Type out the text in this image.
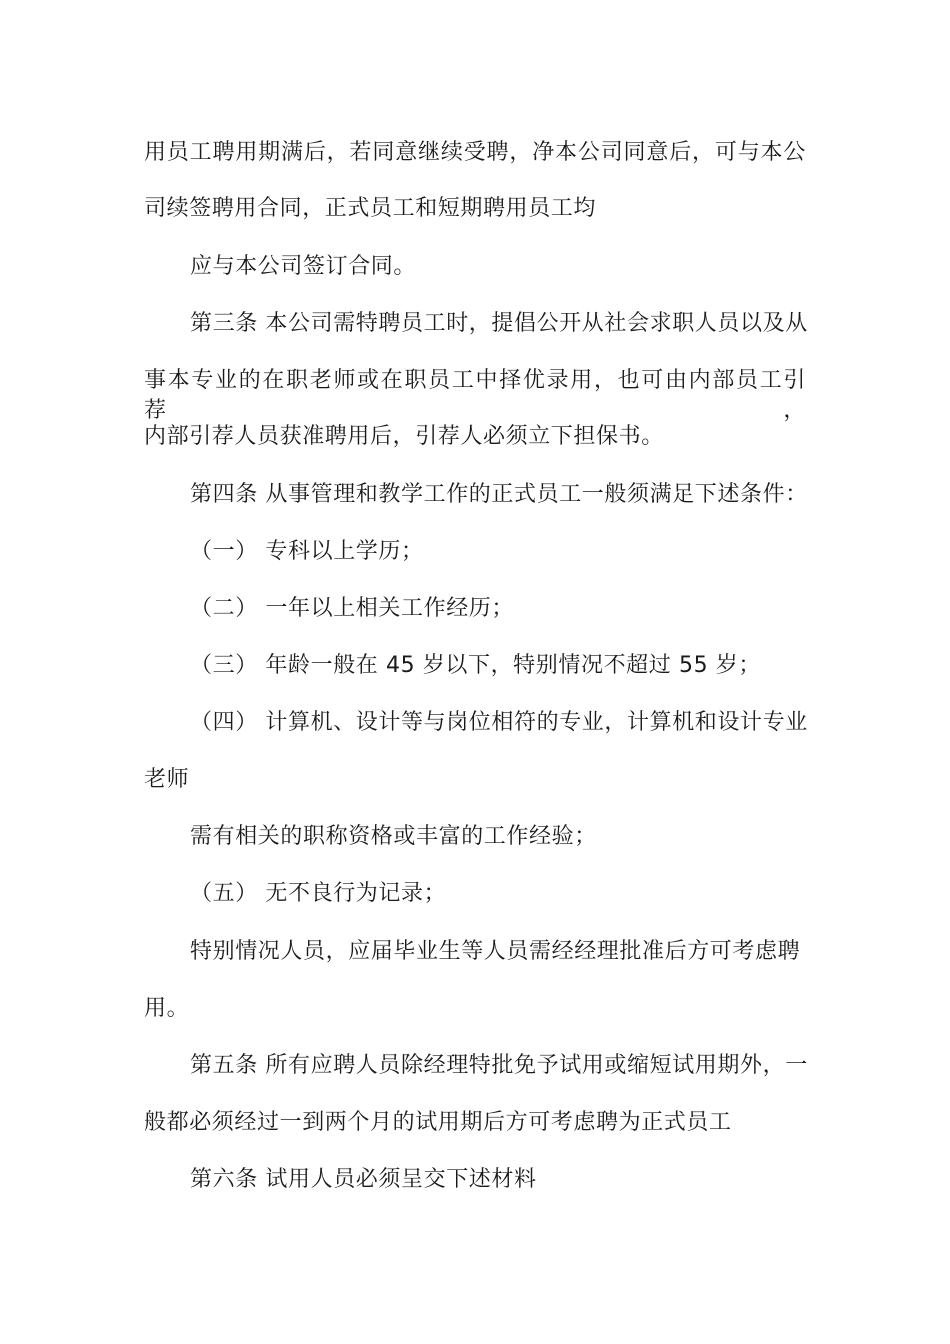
用员工聘用期满后，若同意继续受聘，净本公司同意后，可与本公
司续签聘用合同，正式员工和短期聘用员工均
应与本公司签订合同。
第三条 本公司需特聘员工时，提倡公开从社会求职人员以及从
事本专业的在职老师或在职员工中择优录用，也可由内部员工引荐，
内部引荐人员获准聘用后，引荐人必须立下担保书。
第四条 从事管理和教学工作的正式员工一般须满足下述条件：
（一） 专科以上学历；
（二） 一年以上相关工作经历；
（三） 年龄一般在 45 岁以下，特别情况不超过 55 岁；
（四） 计算机、设计等与岗位相符的专业，计算机和设计专业
老师
需有相关的职称资格或丰富的工作经验；
（五） 无不良行为记录；
特别情况人员，应届毕业生等人员需经经理批准后方可考虑聘
用。
第五条 所有应聘人员除经理特批免予试用或缩短试用期外，一
般都必须经过一到两个月的试用期后方可考虑聘为正式员工
第六条 试用人员必须呈交下述材料
